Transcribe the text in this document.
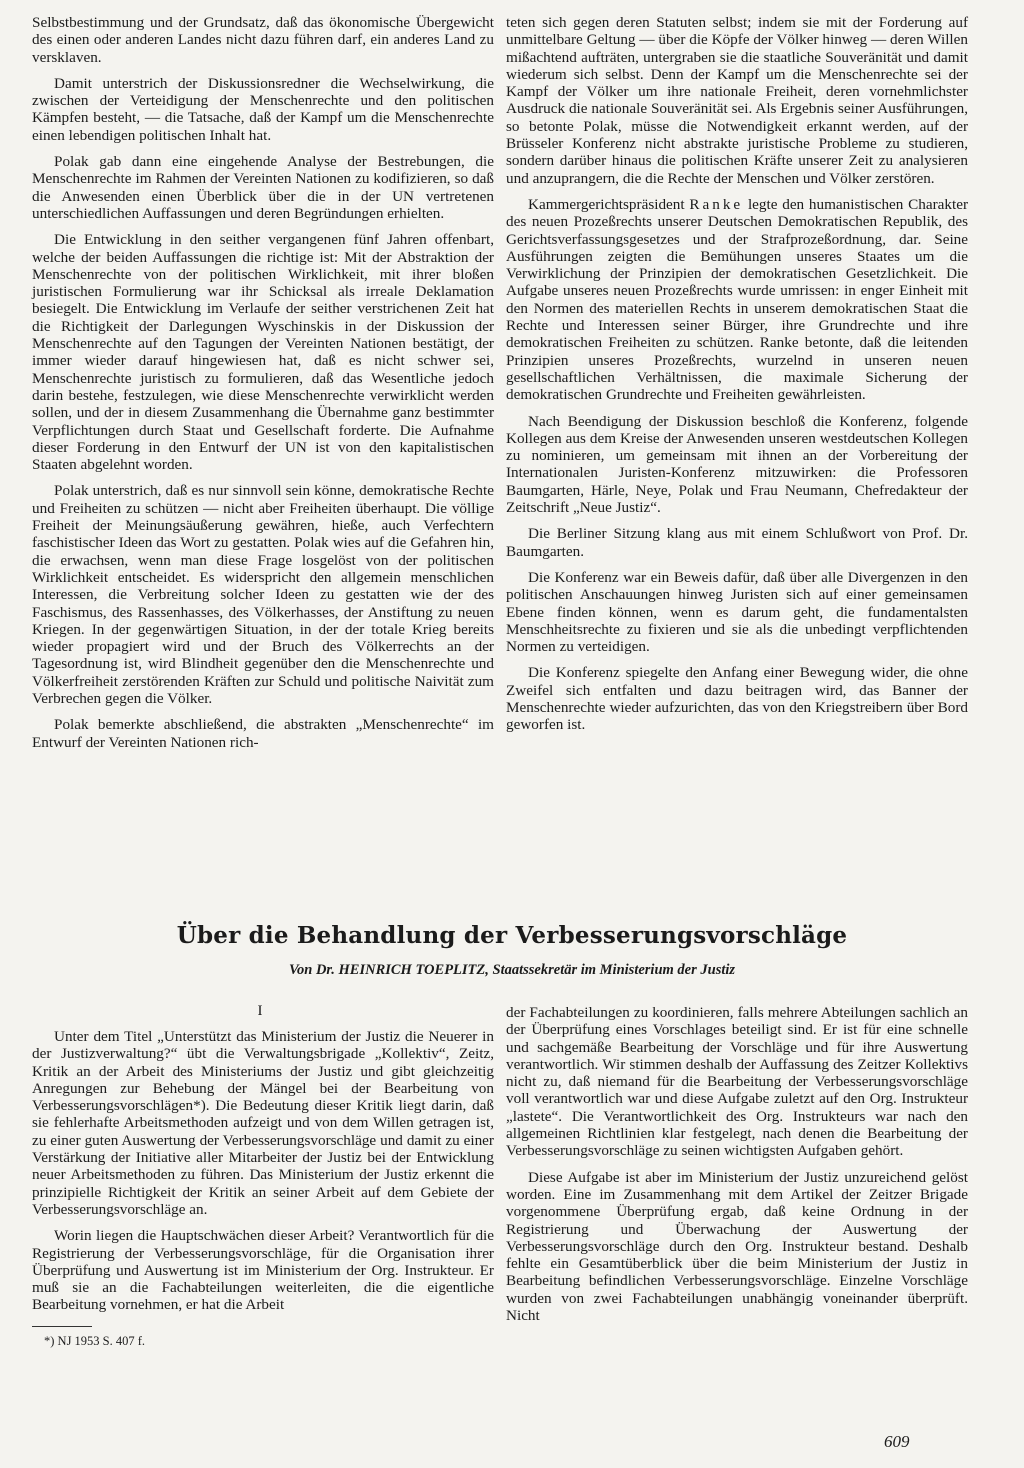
Selbstbestimmung und der Grundsatz, daß das ökonomische Übergewicht des einen oder anderen Landes nicht dazu führen darf, ein anderes Land zu versklaven.

Damit unterstrich der Diskussionsredner die Wechselwirkung, die zwischen der Verteidigung der Menschenrechte und den politischen Kämpfen besteht, — die Tatsache, daß der Kampf um die Menschenrechte einen lebendigen politischen Inhalt hat.

Polak gab dann eine eingehende Analyse der Bestrebungen, die Menschenrechte im Rahmen der Vereinten Nationen zu kodifizieren, so daß die Anwesenden einen Überblick über die in der UN vertretenen unterschiedlichen Auffassungen und deren Begründungen erhielten.

Die Entwicklung in den seither vergangenen fünf Jahren offenbart, welche der beiden Auffassungen die richtige ist: Mit der Abstraktion der Menschenrechte von der politischen Wirklichkeit, mit ihrer bloßen juristischen Formulierung war ihr Schicksal als irreale Deklamation besiegelt. Die Entwicklung im Verlaufe der seither verstrichenen Zeit hat die Richtigkeit der Darlegungen Wyschinskis in der Diskussion der Menschenrechte auf den Tagungen der Vereinten Nationen bestätigt, der immer wieder darauf hingewiesen hat, daß es nicht schwer sei, Menschenrechte juristisch zu formulieren, daß das Wesentliche jedoch darin bestehe, festzulegen, wie diese Menschenrechte verwirklicht werden sollen, und der in diesem Zusammenhang die Übernahme ganz bestimmter Verpflichtungen durch Staat und Gesellschaft forderte. Die Aufnahme dieser Forderung in den Entwurf der UN ist von den kapitalistischen Staaten abgelehnt worden.

Polak unterstrich, daß es nur sinnvoll sein könne, demokratische Rechte und Freiheiten zu schützen — nicht aber Freiheiten überhaupt. Die völlige Freiheit der Meinungsäußerung gewähren, hieße, auch Verfechtern faschistischer Ideen das Wort zu gestatten. Polak wies auf die Gefahren hin, die erwachsen, wenn man diese Frage losgelöst von der politischen Wirklichkeit entscheidet. Es widerspricht den allgemein menschlichen Interessen, die Verbreitung solcher Ideen zu gestatten wie der des Faschismus, des Rassenhasses, des Völkerhasses, der Anstiftung zu neuen Kriegen. In der gegenwärtigen Situation, in der der totale Krieg bereits wieder propagiert wird und der Bruch des Völkerrechts an der Tagesordnung ist, wird Blindheit gegenüber den die Menschenrechte und Völkerfreiheit zerstörenden Kräften zur Schuld und politische Naivität zum Verbrechen gegen die Völker.

Polak bemerkte abschließend, die abstrakten „Menschenrechte“ im Entwurf der Vereinten Nationen rich-

teten sich gegen deren Statuten selbst; indem sie mit der Forderung auf unmittelbare Geltung — über die Köpfe der Völker hinweg — deren Willen mißachtend aufträten, untergraben sie die staatliche Souveränität und damit wiederum sich selbst. Denn der Kampf um die Menschenrechte sei der Kampf der Völker um ihre nationale Freiheit, deren vornehmlichster Ausdruck die nationale Souveränität sei. Als Ergebnis seiner Ausführungen, so betonte Polak, müsse die Notwendigkeit erkannt werden, auf der Brüsseler Konferenz nicht abstrakte juristische Probleme zu studieren, sondern darüber hinaus die politischen Kräfte unserer Zeit zu analysieren und anzuprangern, die die Rechte der Menschen und Völker zerstören.

Kammergerichtspräsident Ranke legte den humanistischen Charakter des neuen Prozeßrechts unserer Deutschen Demokratischen Republik, des Gerichtsverfassungsgesetzes und der Strafprozeßordnung, dar. Seine Ausführungen zeigten die Bemühungen unseres Staates um die Verwirklichung der Prinzipien der demokratischen Gesetzlichkeit. Die Aufgabe unseres neuen Prozeßrechts wurde umrissen: in enger Einheit mit den Normen des materiellen Rechts in unserem demokratischen Staat die Rechte und Interessen seiner Bürger, ihre Grundrechte und ihre demokratischen Freiheiten zu schützen. Ranke betonte, daß die leitenden Prinzipien unseres Prozeßrechts, wurzelnd in unseren neuen gesellschaftlichen Verhältnissen, die maximale Sicherung der demokratischen Grundrechte und Freiheiten gewährleisten.

Nach Beendigung der Diskussion beschloß die Konferenz, folgende Kollegen aus dem Kreise der Anwesenden unseren westdeutschen Kollegen zu nominieren, um gemeinsam mit ihnen an der Vorbereitung der Internationalen Juristen-Konferenz mitzuwirken: die Professoren Baumgarten, Härle, Neye, Polak und Frau Neumann, Chefredakteur der Zeitschrift „Neue Justiz“.

Die Berliner Sitzung klang aus mit einem Schlußwort von Prof. Dr. Baumgarten.

Die Konferenz war ein Beweis dafür, daß über alle Divergenzen in den politischen Anschauungen hinweg Juristen sich auf einer gemeinsamen Ebene finden können, wenn es darum geht, die fundamentalsten Menschheitsrechte zu fixieren und sie als die unbedingt verpflichtenden Normen zu verteidigen.

Die Konferenz spiegelte den Anfang einer Bewegung wider, die ohne Zweifel sich entfalten und dazu beitragen wird, das Banner der Menschenrechte wieder aufzurichten, das von den Kriegstreibern über Bord geworfen ist.

Über die Behandlung der Verbesserungsvorschläge
Von Dr. HEINRICH TOEPLITZ, Staatssekretär im Ministerium der Justiz
I

Unter dem Titel „Unterstützt das Ministerium der Justiz die Neuerer in der Justizverwaltung?“ übt die Verwaltungsbrigade „Kollektiv“, Zeitz, Kritik an der Arbeit des Ministeriums der Justiz und gibt gleichzeitig Anregungen zur Behebung der Mängel bei der Bearbeitung von Verbesserungsvorschlägen*). Die Bedeutung dieser Kritik liegt darin, daß sie fehlerhafte Arbeitsmethoden aufzeigt und von dem Willen getragen ist, zu einer guten Auswertung der Verbesserungsvorschläge und damit zu einer Verstärkung der Initiative aller Mitarbeiter der Justiz bei der Entwicklung neuer Arbeitsmethoden zu führen. Das Ministerium der Justiz erkennt die prinzipielle Richtigkeit der Kritik an seiner Arbeit auf dem Gebiete der Verbesserungsvorschläge an.

Worin liegen die Hauptschwächen dieser Arbeit? Verantwortlich für die Registrierung der Verbesserungsvorschläge, für die Organisation ihrer Überprüfung und Auswertung ist im Ministerium der Org. Instrukteur. Er muß sie an die Fachabteilungen weiterleiten, die die eigentliche Bearbeitung vornehmen, er hat die Arbeit

der Fachabteilungen zu koordinieren, falls mehrere Abteilungen sachlich an der Überprüfung eines Vorschlages beteiligt sind. Er ist für eine schnelle und sachgemäße Bearbeitung der Vorschläge und für ihre Auswertung verantwortlich. Wir stimmen deshalb der Auffassung des Zeitzer Kollektivs nicht zu, daß niemand für die Bearbeitung der Verbesserungsvorschläge voll verantwortlich war und diese Aufgabe zuletzt auf den Org. Instrukteur „lastete“. Die Verantwortlichkeit des Org. Instrukteurs war nach den allgemeinen Richtlinien klar festgelegt, nach denen die Bearbeitung der Verbesserungsvorschläge zu seinen wichtigsten Aufgaben gehört.

Diese Aufgabe ist aber im Ministerium der Justiz unzureichend gelöst worden. Eine im Zusammenhang mit dem Artikel der Zeitzer Brigade vorgenommene Überprüfung ergab, daß keine Ordnung in der Registrierung und Überwachung der Auswertung der Verbesserungsvorschläge durch den Org. Instrukteur bestand. Deshalb fehlte ein Gesamtüberblick über die beim Ministerium der Justiz in Bearbeitung befindlichen Verbesserungsvorschläge. Einzelne Vorschläge wurden von zwei Fachabteilungen unabhängig voneinander überprüft. Nicht

*) NJ 1953 S. 407 f.
609
